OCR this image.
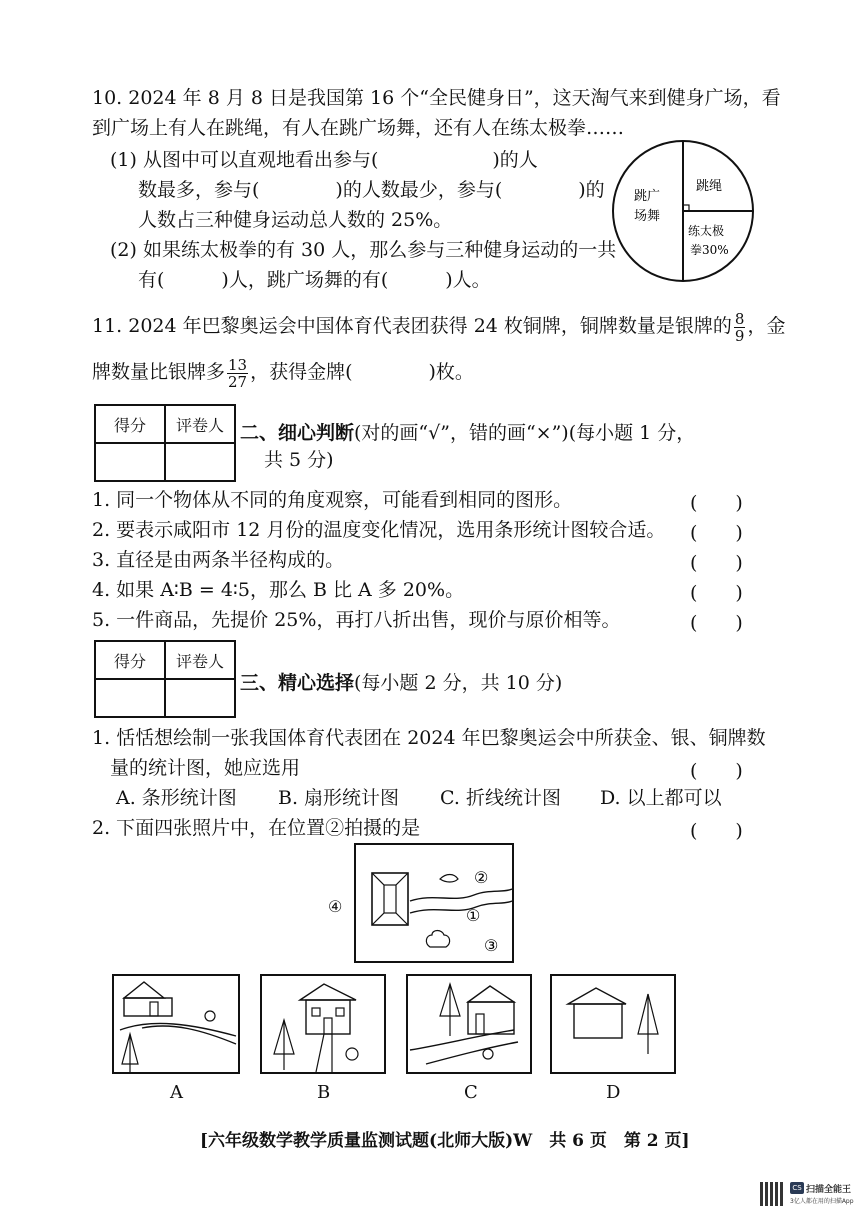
10. 2024 年 8 月 8 日是我国第 16 个“全民健身日”，这天淘气来到健身广场，看
到广场上有人在跳绳，有人在跳广场舞，还有人在练太极拳……
(1) 从图中可以直观地看出参与(　　　　　　)的人
数最多，参与(　　　　)的人数最少，参与(　　　　)的
人数占三种健身运动总人数的 25%。
(2) 如果练太极拳的有 30 人，那么参与三种健身运动的一共
有(　　　)人，跳广场舞的有(　　　)人。
跳广
场舞
跳绳
练太极
拳30%
11. 2024 年巴黎奥运会中国体育代表团获得 24 枚铜牌，铜牌数量是银牌的 $\frac{8}{9}$ ，金
牌数量比银牌多 $\frac{13}{27}$ ，获得金牌(　　　　)枚。
得分	评卷人
	二、细心判断(对的画“√”，错的画“×”)(每小题 1 分，
共 5 分)
1. 同一个物体从不同的角度观察，可能看到相同的图形。	(　　)
2. 要表示咸阳市 12 月份的温度变化情况，选用条形统计图较合适。 (　　)
3. 直径是由两条半径构成的。	(　　)
4. 如果 A∶B = 4∶5，那么 B 比 A 多 20%。	(　　)
5. 一件商品，先提价 25%，再打八折出售，现价与原价相等。	(　　)
得分	评卷人

三、精心选择(每小题 2 分，共 10 分)
1. 恬恬想绘制一张我国体育代表团在 2024 年巴黎奥运会中所获金、银、铜牌数
量的统计图，她应选用	(　　)
A. 条形统计图 B. 扇形统计图 C. 折线统计图 D. 以上都可以
2. 下面四张照片中，在位置②拍摄的是	(　　)
②
①
③
④
A	B	C	D
[六年级数学教学质量监测试题(北师大版)W　共 6 页　第 2 页]
CS 扫描全能王
3亿人都在用的扫描App
